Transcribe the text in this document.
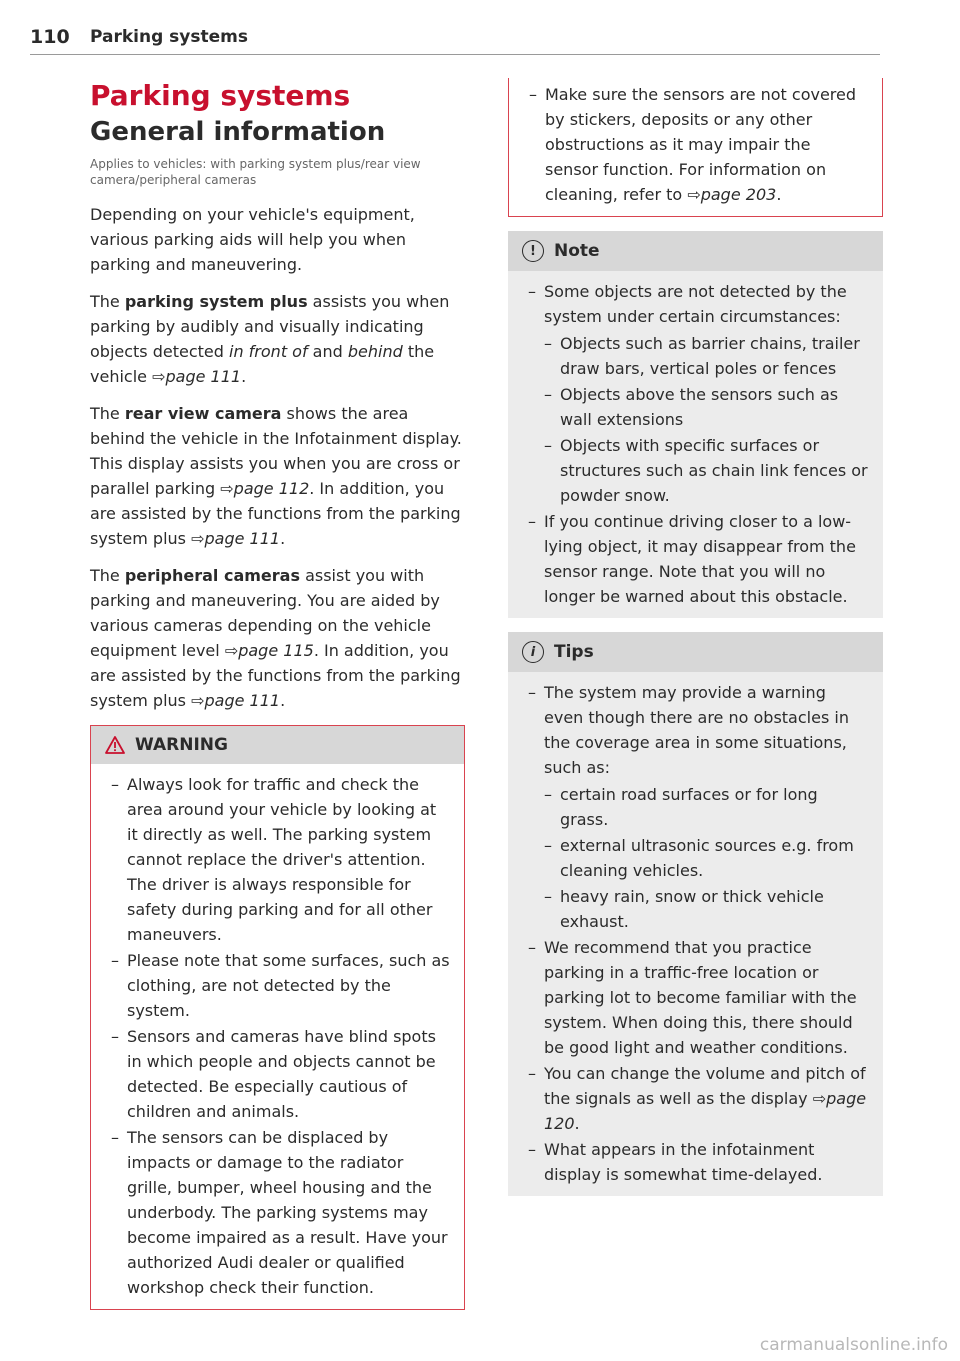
110 Parking systems
Parking systems
General information
Applies to vehicles: with parking system plus/rear view camera/peripheral cameras

Depending on your vehicle's equipment, various parking aids will help you when parking and maneuvering.

The parking system plus assists you when parking by audibly and visually indicating objects detected in front of and behind the vehicle ⇨page 111.

The rear view camera shows the area behind the vehicle in the Infotainment display. This display assists you when you are cross or parallel parking ⇨page 112. In addition, you are assisted by the functions from the parking system plus ⇨page 111.

The peripheral cameras assist you with parking and maneuvering. You are aided by various cameras depending on the vehicle equipment level ⇨page 115. In addition, you are assisted by the functions from the parking system plus ⇨page 111.

WARNING
– Always look for traffic and check the area around your vehicle by looking at it directly as well. The parking system cannot replace the driver's attention. The driver is always responsible for safety during parking and for all other maneuvers.
– Please note that some surfaces, such as clothing, are not detected by the system.
– Sensors and cameras have blind spots in which people and objects cannot be detected. Be especially cautious of children and animals.
– The sensors can be displaced by impacts or damage to the radiator grille, bumper, wheel housing and the underbody. The parking systems may become impaired as a result. Have your authorized Audi dealer or qualified workshop check their function.
– Make sure the sensors are not covered by stickers, deposits or any other obstructions as it may impair the sensor function. For information on cleaning, refer to ⇨page 203.
!	Note
– Some objects are not detected by the system under certain circumstances:
– Objects such as barrier chains, trailer draw bars, vertical poles or fences
– Objects above the sensors such as wall extensions
– Objects with specific surfaces or structures such as chain link fences or powder snow.
– If you continue driving closer to a low-lying object, it may disappear from the sensor range. Note that you will no longer be warned about this obstacle.
i	Tips
– The system may provide a warning even though there are no obstacles in the coverage area in some situations, such as:
– certain road surfaces or for long grass.
– external ultrasonic sources e.g. from cleaning vehicles.
– heavy rain, snow or thick vehicle exhaust.
– We recommend that you practice parking in a traffic-free location or parking lot to become familiar with the system. When doing this, there should be good light and weather conditions.
– You can change the volume and pitch of the signals as well as the display ⇨page 120.
– What appears in the infotainment display is somewhat time-delayed.
carmanualsonline.info
